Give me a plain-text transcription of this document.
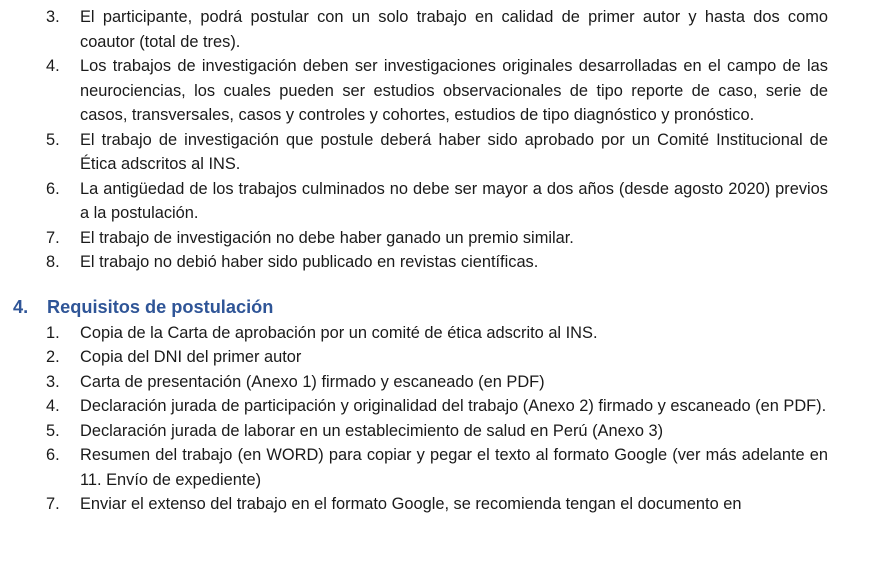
3. El participante, podrá postular con un solo trabajo en calidad de primer autor y hasta dos como coautor (total de tres).
4. Los trabajos de investigación deben ser investigaciones originales desarrolladas en el campo de las neurociencias, los cuales pueden ser estudios observacionales de tipo reporte de caso, serie de casos, transversales, casos y controles y cohortes, estudios de tipo diagnóstico y pronóstico.
5. El trabajo de investigación que postule deberá haber sido aprobado por un Comité Institucional de Ética adscritos al INS.
6. La antigüedad de los trabajos culminados no debe ser mayor a dos años (desde agosto 2020) previos a la postulación.
7. El trabajo de investigación no debe haber ganado un premio similar.
8. El trabajo no debió haber sido publicado en revistas científicas.
4. Requisitos de postulación
1. Copia de la Carta de aprobación por un comité de ética adscrito al INS.
2. Copia del DNI del primer autor
3. Carta de presentación (Anexo 1) firmado y escaneado (en PDF)
4. Declaración jurada de participación y originalidad del trabajo (Anexo 2) firmado y escaneado (en PDF).
5. Declaración jurada de laborar en un establecimiento de salud en Perú (Anexo 3)
6. Resumen del trabajo (en WORD) para copiar y pegar el texto al formato Google (ver más adelante en 11. Envío de expediente)
7. Enviar el extenso del trabajo en el formato Google, se recomienda tengan el documento en
